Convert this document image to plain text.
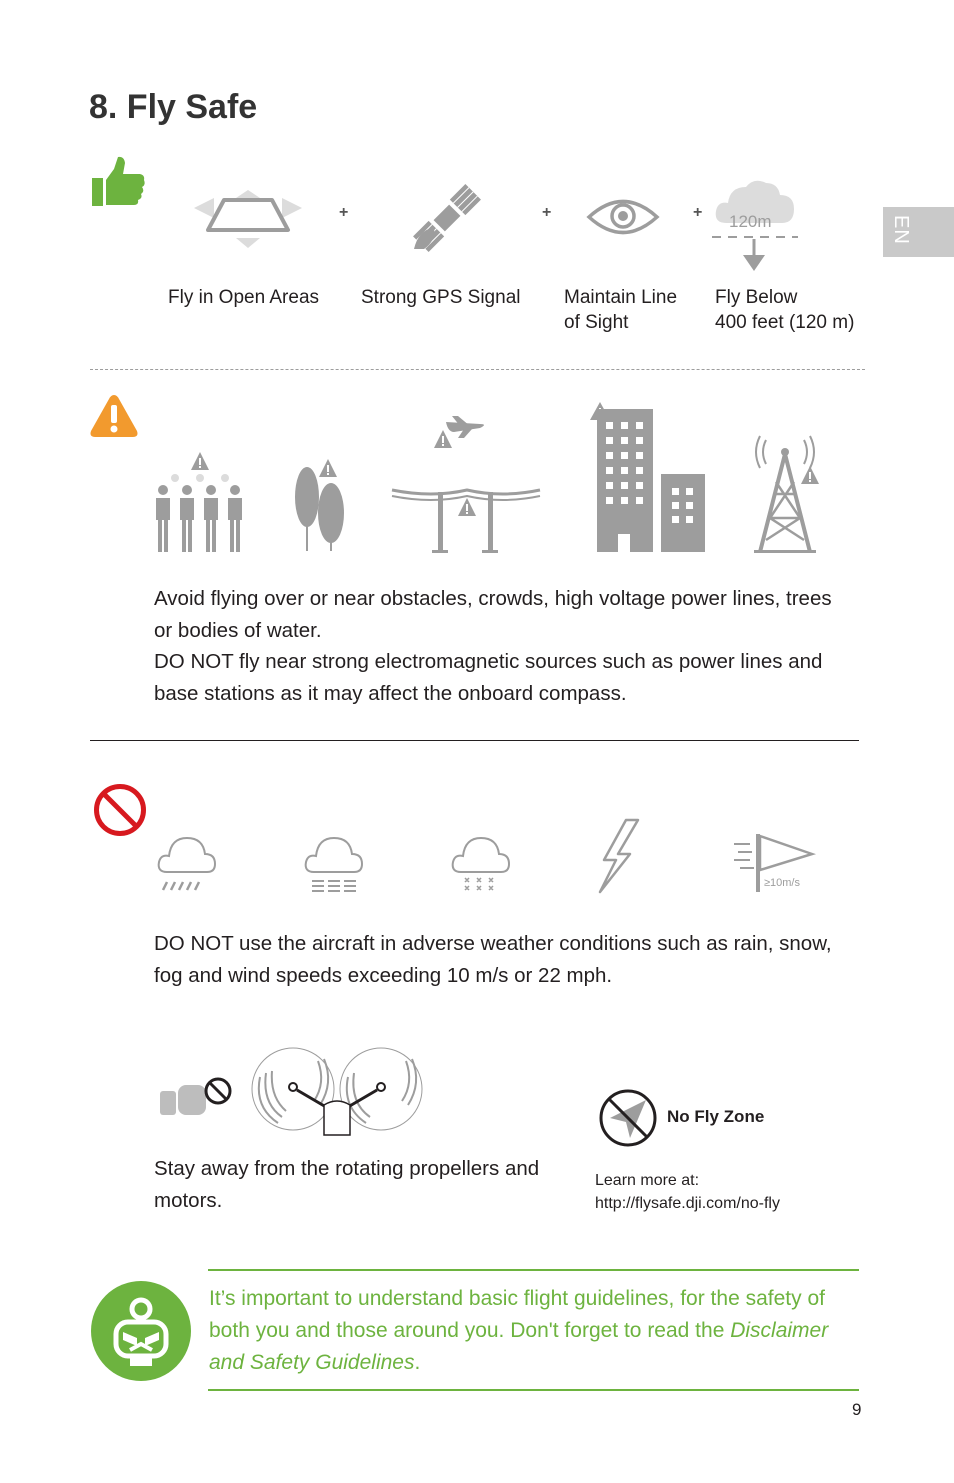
8. Fly Safe
EN
+	+	+ 120m
Fly in Open Areas Strong GPS Signal Maintain Line
of Sight
Fly Below
400 feet (120 m)

Avoid flying over or near obstacles, crowds, high voltage power lines, trees or bodies of water.

DO NOT fly near strong electromagnetic sources such as power lines and base stations as it may affect the onboard compass.

≥10m/s
DO NOT use the aircraft in adverse weather conditions such as rain, snow, fog and wind speeds exceeding 10 m/s or 22 mph.
Stay away from the rotating propellers and motors.
No Fly Zone
Learn more at:
http://flysafe.dji.com/no-fly
It’s important to understand basic flight guidelines, for the safety of both you and those around you. Don't forget to read the Disclaimer and Safety Guidelines.
9
